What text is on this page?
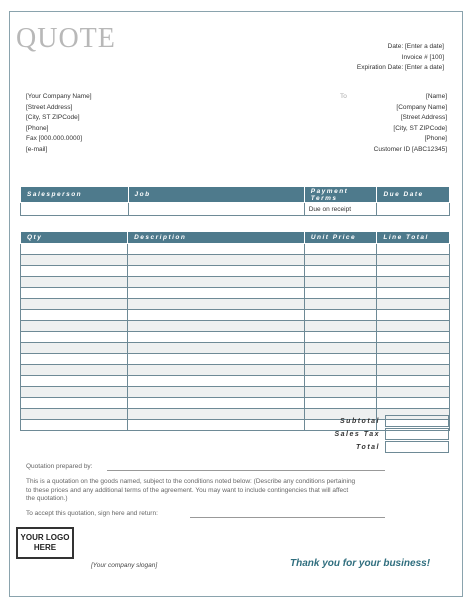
QUOTE	Date: [Enter a date]
Invoice # [100]
Expiration Date: [Enter a date]
[Your Company Name]
[Street Address]
[City, ST ZIPCode]
[Phone]
Fax [000.000.0000]
[e-mail]
To	[Name]
[Company Name]
[Street Address]
[City, ST ZIPCode]
[Phone]
Customer ID [ABC12345]
Salesperson	Job	Payment Terms	Due Date
		Due on receipt	
Qty	Description	Unit Price	Line Total

Subtotal
Sales Tax
Total
Quotation prepared by:
This is a quotation on the goods named, subject to the conditions noted below: (Describe any conditions pertaining to these prices and any additional terms of the agreement. You may want to include contingencies that will affect the quotation.)
To accept this quotation, sign here and return:
YOUR LOGO
HERE
[Your company slogan]	Thank you for your business!
